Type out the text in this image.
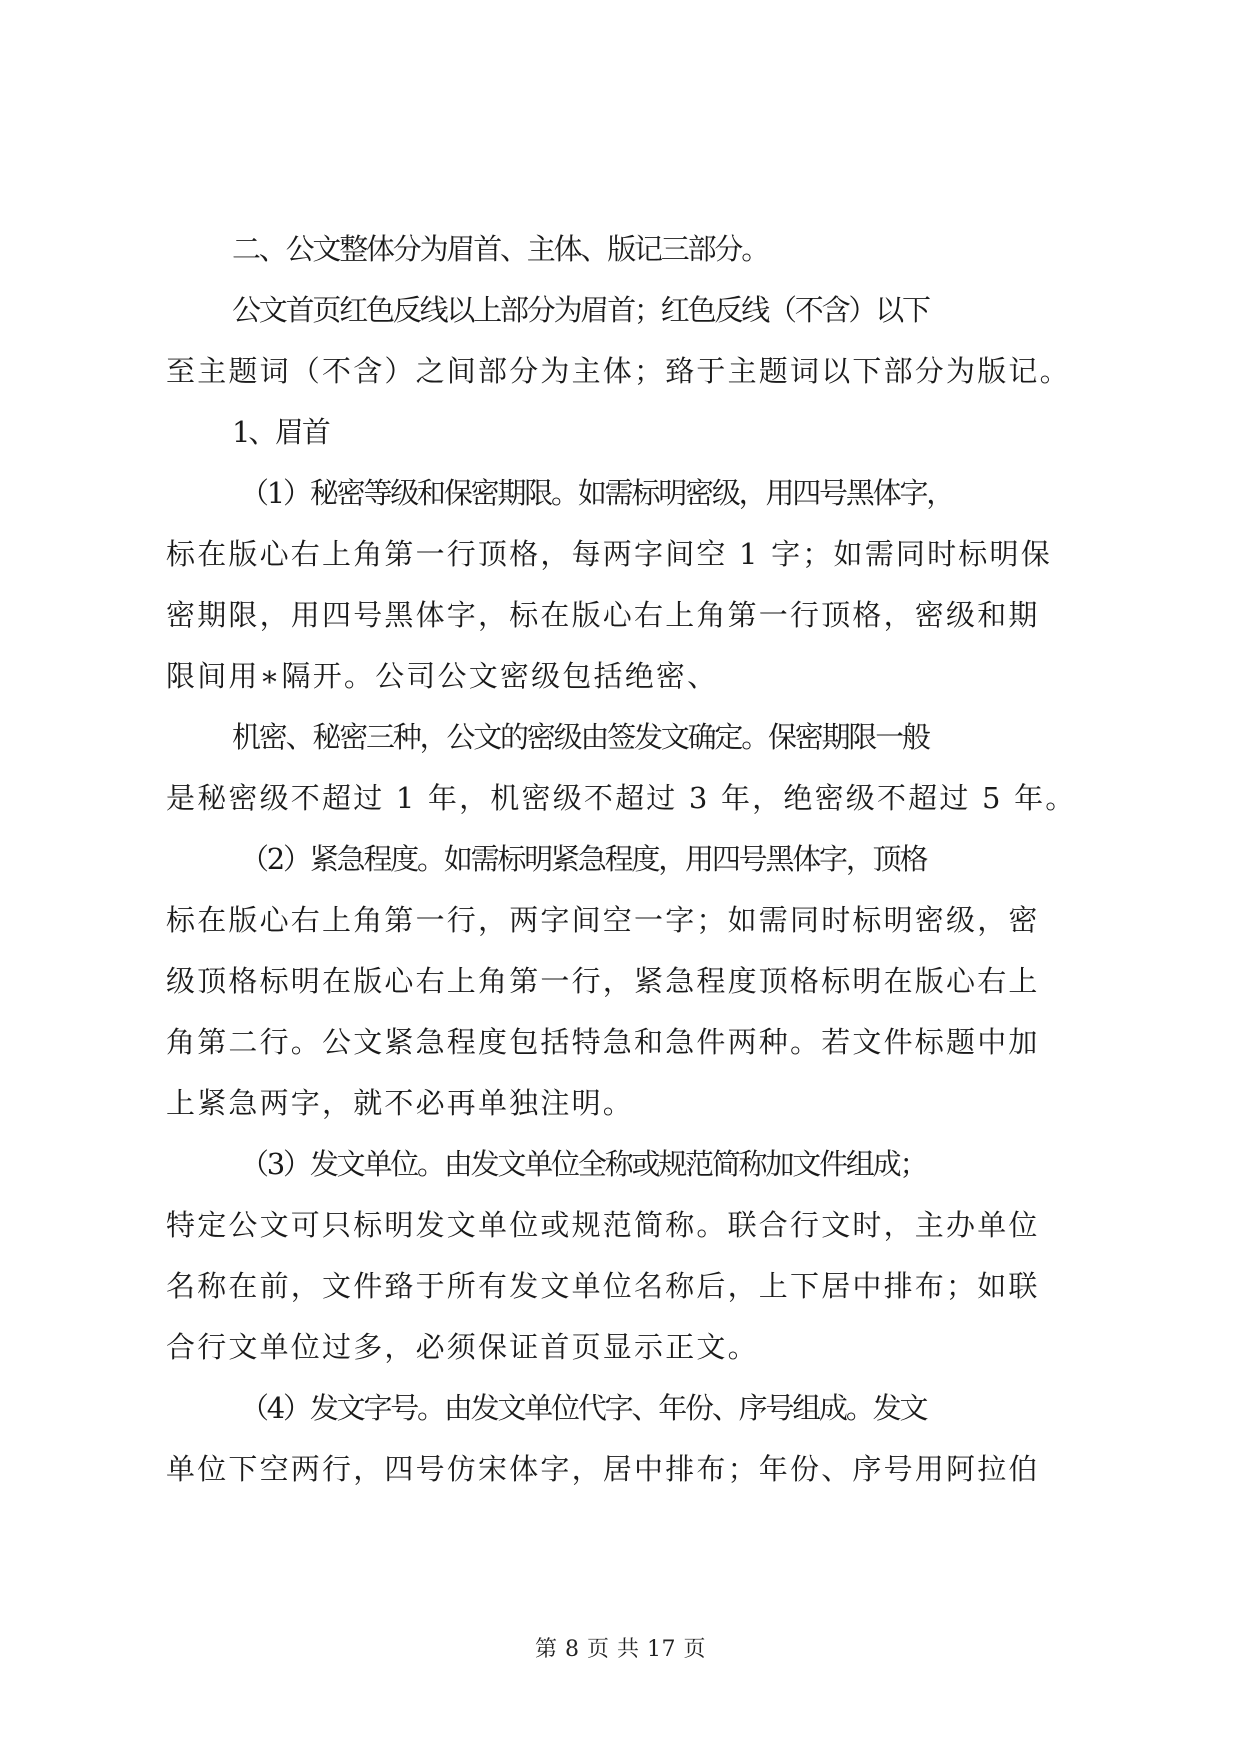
二、公文整体分为眉首、主体、版记三部分。
公文首页红色反线以上部分为眉首；红色反线（不含）以下
至主题词（不含）之间部分为主体；臵于主题词以下部分为版记。
1、眉首
（1）秘密等级和保密期限。如需标明密级，用四号黑体字，
标在版心右上角第一行顶格，每两字间空 1 字；如需同时标明保
密期限，用四号黑体字，标在版心右上角第一行顶格，密级和期
限间用∗隔开。公司公文密级包括绝密、
机密、秘密三种，公文的密级由签发文确定。保密期限一般
是秘密级不超过 1 年，机密级不超过 3 年，绝密级不超过 5 年。
（2）紧急程度。如需标明紧急程度，用四号黑体字，顶格
标在版心右上角第一行，两字间空一字；如需同时标明密级，密
级顶格标明在版心右上角第一行，紧急程度顶格标明在版心右上
角第二行。公文紧急程度包括特急和急件两种。若文件标题中加
上紧急两字，就不必再单独注明。
（3）发文单位。由发文单位全称或规范简称加文件组成；
特定公文可只标明发文单位或规范简称。联合行文时，主办单位
名称在前，文件臵于所有发文单位名称后，上下居中排布；如联
合行文单位过多，必须保证首页显示正文。
（4）发文字号。由发文单位代字、年份、序号组成。发文
单位下空两行，四号仿宋体字，居中排布；年份、序号用阿拉伯
第 8 页 共 17 页
